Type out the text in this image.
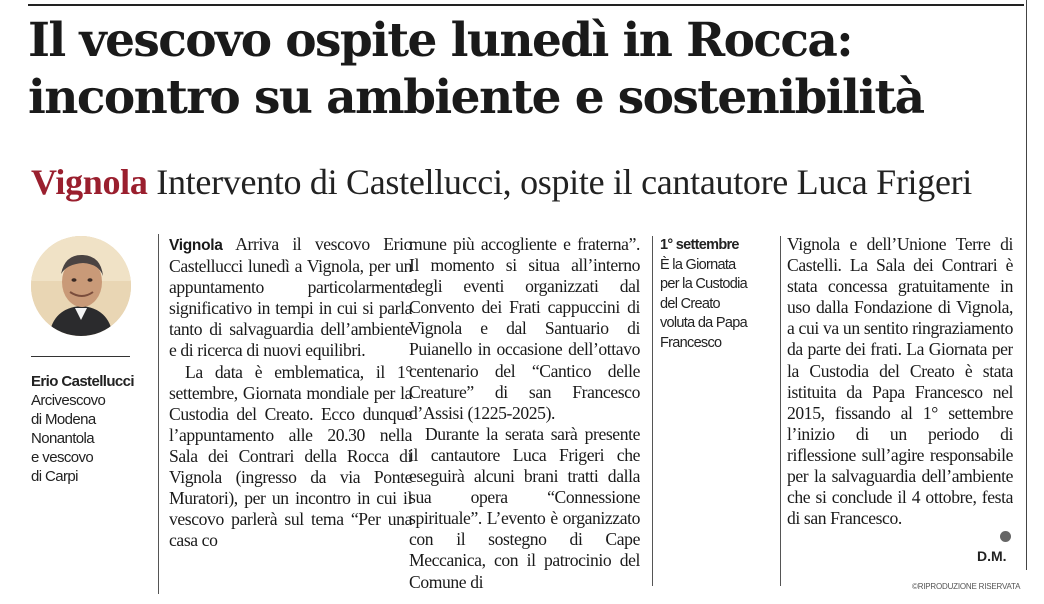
Il vescovo ospite lunedì in Rocca: incontro su ambiente e sostenibilità
Vignola Intervento di Castellucci, ospite il cantautore Luca Frigeri
Erio Castellucci
Arcivescovo
di Modena
Nonantola
e vescovo
di Carpi

Vignola Arriva il vescovo Erio Castellucci lunedì a Vignola, per un appuntamento particolarmente significativo in tempi in cui si parla tanto di salvaguardia dell’ambiente e di ricerca di nuovi equilibri.

La data è emblematica, il 1° settembre, Giornata mondiale per la Custodia del Creato. Ecco dunque l’appuntamento alle 20.30 nella Sala dei Contrari della Rocca di Vignola (ingresso da via Ponte Muratori), per un incontro in cui il vescovo parlerà sul tema “Per una casa co

mune più accogliente e fraterna”. Il momento si situa all’interno degli eventi organizzati dal Convento dei Frati cappuccini di Vignola e dal Santuario di Puianello in occasione dell’ottavo centenario del “Cantico delle Creature” di san Francesco d’Assisi (1225-2025).

Durante la serata sarà presente il cantautore Luca Frigeri che eseguirà alcuni brani tratti dalla sua opera “Connessione spirituale”. L’evento è organizzato con il sostegno di Cape Meccanica, con il patrocinio del Comune di

1° settembre
È la Giornata
per la Custodia
del Creato
voluta da Papa
Francesco

Vignola e dell’Unione Terre di Castelli. La Sala dei Contrari è stata concessa gratuitamente in uso dalla Fondazione di Vignola, a cui va un sentito ringraziamento da parte dei frati. La Giornata per la Custodia del Creato è stata istituita da Papa Francesco nel 2015, fissando al 1° settembre l’inizio di un periodo di riflessione sull’agire responsabile per la salvaguardia dell’ambiente che si conclude il 4 ottobre, festa di san Francesco.

D.M.
©RIPRODUZIONE RISERVATA
